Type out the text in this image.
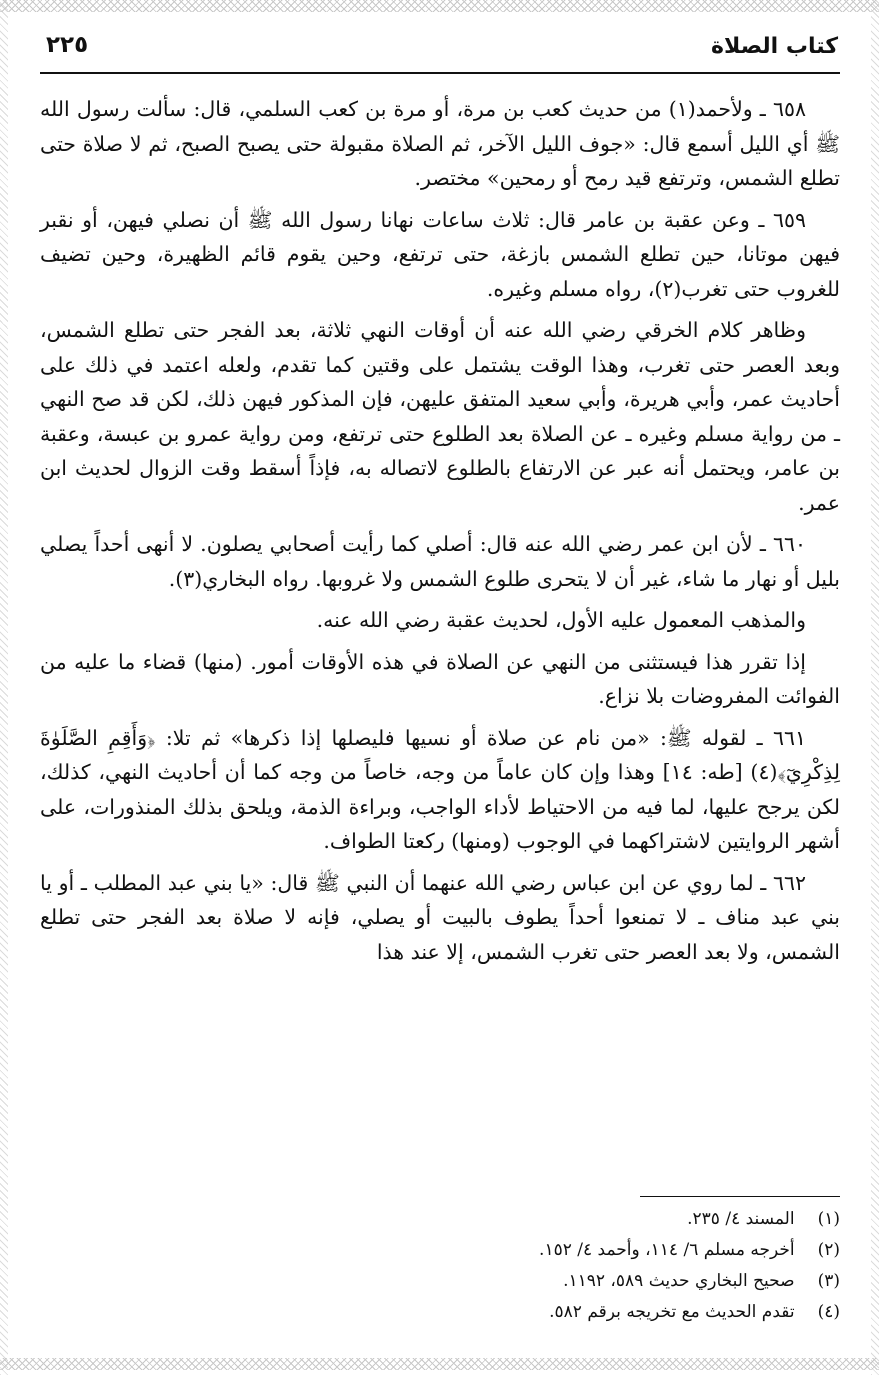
٢٢٥	كتاب الصلاة

٦٥٨ ـ ولأحمد(١) من حديث كعب بن مرة، أو مرة بن كعب السلمي، قال: سألت رسول الله ﷺ أي الليل أسمع قال: «جوف الليل الآخر، ثم الصلاة مقبولة حتى يصبح الصبح، ثم لا صلاة حتى تطلع الشمس، وترتفع قيد رمح أو رمحين» مختصر.

٦٥٩ ـ وعن عقبة بن عامر قال: ثلاث ساعات نهانا رسول الله ﷺ أن نصلي فيهن، أو نقبر فيهن موتانا، حين تطلع الشمس بازغة، حتى ترتفع، وحين يقوم قائم الظهيرة، وحين تضيف للغروب حتى تغرب(٢)، رواه مسلم وغيره.

وظاهر كلام الخرقي رضي الله عنه أن أوقات النهي ثلاثة، بعد الفجر حتى تطلع الشمس، وبعد العصر حتى تغرب، وهذا الوقت يشتمل على وقتين كما تقدم، ولعله اعتمد في ذلك على أحاديث عمر، وأبي هريرة، وأبي سعيد المتفق عليهن، فإن المذكور فيهن ذلك، لكن قد صح النهي ـ من رواية مسلم وغيره ـ عن الصلاة بعد الطلوع حتى ترتفع، ومن رواية عمرو بن عبسة، وعقبة بن عامر، ويحتمل أنه عبر عن الارتفاع بالطلوع لاتصاله به، فإذاً أسقط وقت الزوال لحديث ابن عمر.

٦٦٠ ـ لأن ابن عمر رضي الله عنه قال: أصلي كما رأيت أصحابي يصلون. لا أنهى أحداً يصلي بليل أو نهار ما شاء، غير أن لا يتحرى طلوع الشمس ولا غروبها. رواه البخاري(٣).

والمذهب المعمول عليه الأول، لحديث عقبة رضي الله عنه.

إذا تقرر هذا فيستثنى من النهي عن الصلاة في هذه الأوقات أمور. (منها) قضاء ما عليه من الفوائت المفروضات بلا نزاع.

٦٦١ ـ لقوله ﷺ: «من نام عن صلاة أو نسيها فليصلها إذا ذكرها» ثم تلا: ﴿وَأَقِمِ الصَّلَوٰةَ لِذِكْرِيٓ﴾(٤) [طه: ١٤] وهذا وإن كان عاماً من وجه، خاصاً من وجه كما أن أحاديث النهي، كذلك، لكن يرجح عليها، لما فيه من الاحتياط لأداء الواجب، وبراءة الذمة، ويلحق بذلك المنذورات، على أشهر الروايتين لاشتراكهما في الوجوب (ومنها) ركعتا الطواف.

٦٦٢ ـ لما روي عن ابن عباس رضي الله عنهما أن النبي ﷺ قال: «يا بني عبد المطلب ـ أو يا بني عبد مناف ـ لا تمنعوا أحداً يطوف بالبيت أو يصلي، فإنه لا صلاة بعد الفجر حتى تطلع الشمس، ولا بعد العصر حتى تغرب الشمس، إلا عند هذا

(١) المسند ٤/ ٢٣٥.
(٢) أخرجه مسلم ٦/ ١١٤، وأحمد ٤/ ١٥٢.
(٣) صحيح البخاري حديث ٥٨٩، ١١٩٢.
(٤) تقدم الحديث مع تخريجه برقم ٥٨٢.
